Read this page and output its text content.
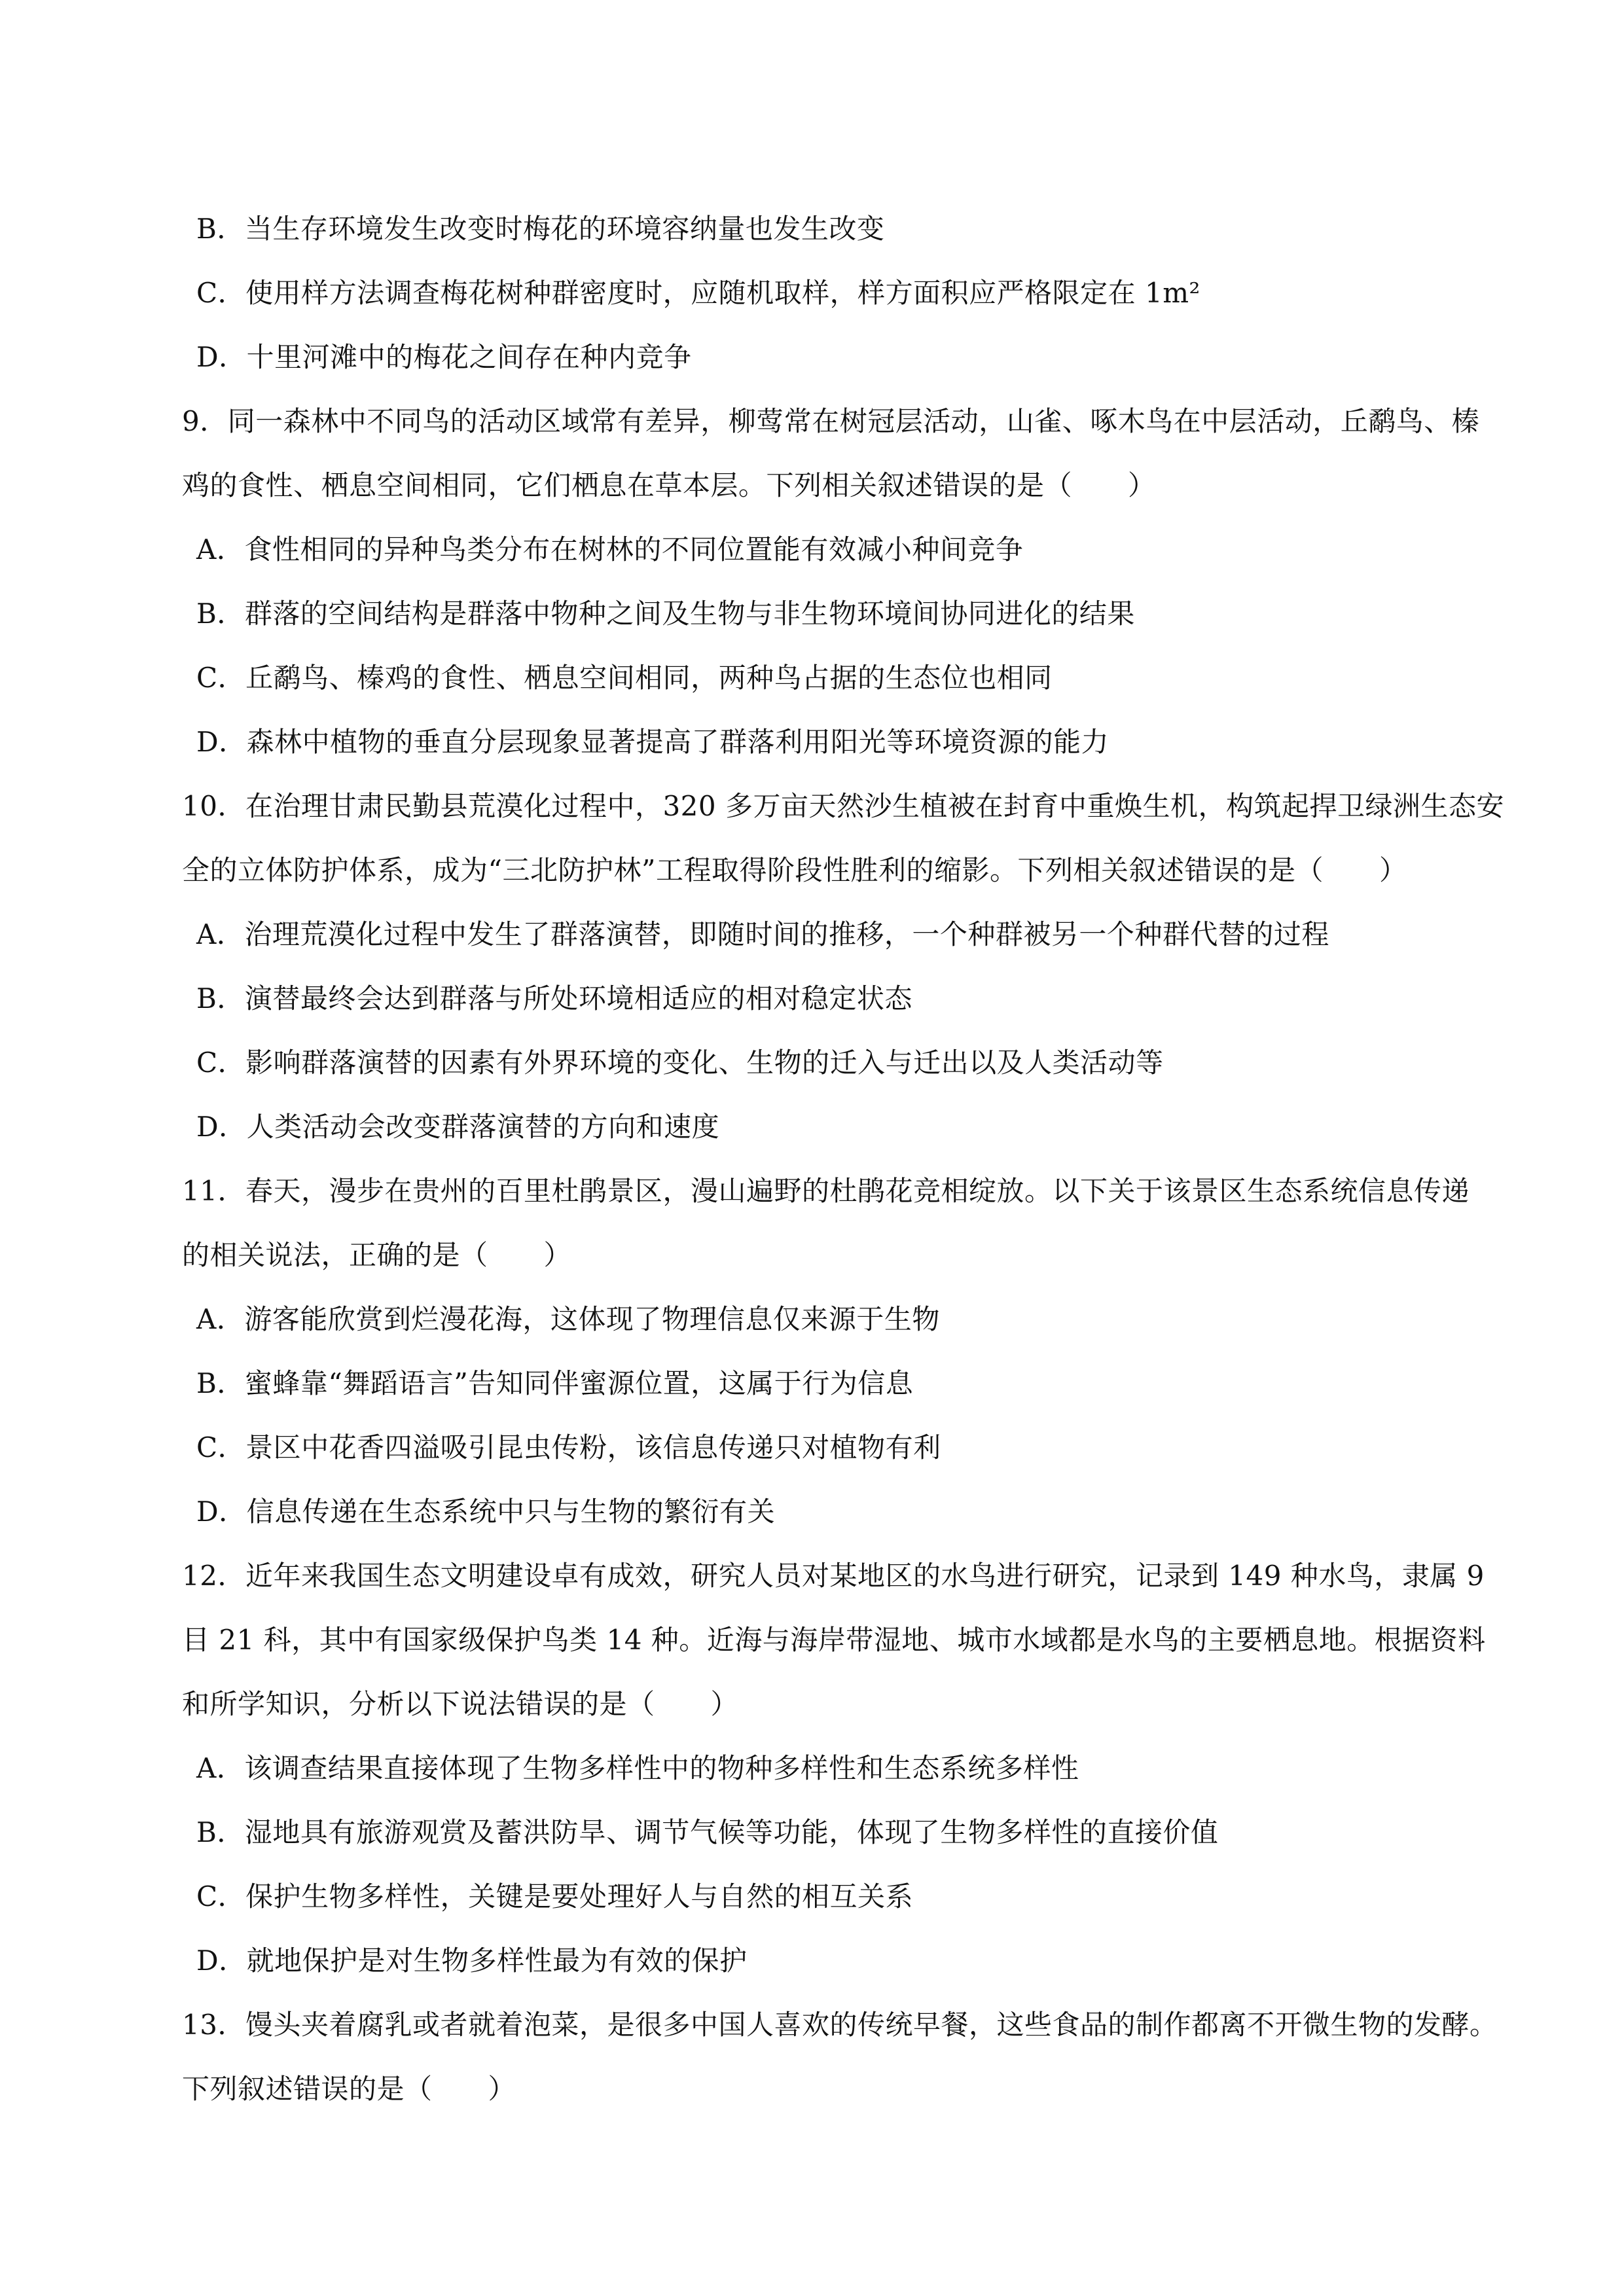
B．当生存环境发生改变时梅花的环境容纳量也发生改变
C．使用样方法调查梅花树种群密度时，应随机取样，样方面积应严格限定在 1m²
D．十里河滩中的梅花之间存在种内竞争
9．同一森林中不同鸟的活动区域常有差异，柳莺常在树冠层活动，山雀、啄木鸟在中层活动，丘鹬鸟、榛
鸡的食性、栖息空间相同，它们栖息在草本层。下列相关叙述错误的是（　　）
A．食性相同的异种鸟类分布在树林的不同位置能有效减小种间竞争
B．群落的空间结构是群落中物种之间及生物与非生物环境间协同进化的结果
C．丘鹬鸟、榛鸡的食性、栖息空间相同，两种鸟占据的生态位也相同
D．森林中植物的垂直分层现象显著提高了群落利用阳光等环境资源的能力
10．在治理甘肃民勤县荒漠化过程中，320 多万亩天然沙生植被在封育中重焕生机，构筑起捍卫绿洲生态安
全的立体防护体系，成为“三北防护林”工程取得阶段性胜利的缩影。下列相关叙述错误的是（　　）
A．治理荒漠化过程中发生了群落演替，即随时间的推移，一个种群被另一个种群代替的过程
B．演替最终会达到群落与所处环境相适应的相对稳定状态
C．影响群落演替的因素有外界环境的变化、生物的迁入与迁出以及人类活动等
D．人类活动会改变群落演替的方向和速度
11．春天，漫步在贵州的百里杜鹃景区，漫山遍野的杜鹃花竞相绽放。以下关于该景区生态系统信息传递
的相关说法，正确的是（　　）
A．游客能欣赏到烂漫花海，这体现了物理信息仅来源于生物
B．蜜蜂靠“舞蹈语言”告知同伴蜜源位置，这属于行为信息
C．景区中花香四溢吸引昆虫传粉，该信息传递只对植物有利
D．信息传递在生态系统中只与生物的繁衍有关
12．近年来我国生态文明建设卓有成效，研究人员对某地区的水鸟进行研究，记录到 149 种水鸟，隶属 9
目 21 科，其中有国家级保护鸟类 14 种。近海与海岸带湿地、城市水域都是水鸟的主要栖息地。根据资料
和所学知识，分析以下说法错误的是（　　）
A．该调查结果直接体现了生物多样性中的物种多样性和生态系统多样性
B．湿地具有旅游观赏及蓄洪防旱、调节气候等功能，体现了生物多样性的直接价值
C．保护生物多样性，关键是要处理好人与自然的相互关系
D．就地保护是对生物多样性最为有效的保护
13．馒头夹着腐乳或者就着泡菜，是很多中国人喜欢的传统早餐，这些食品的制作都离不开微生物的发酵。
下列叙述错误的是（　　）
